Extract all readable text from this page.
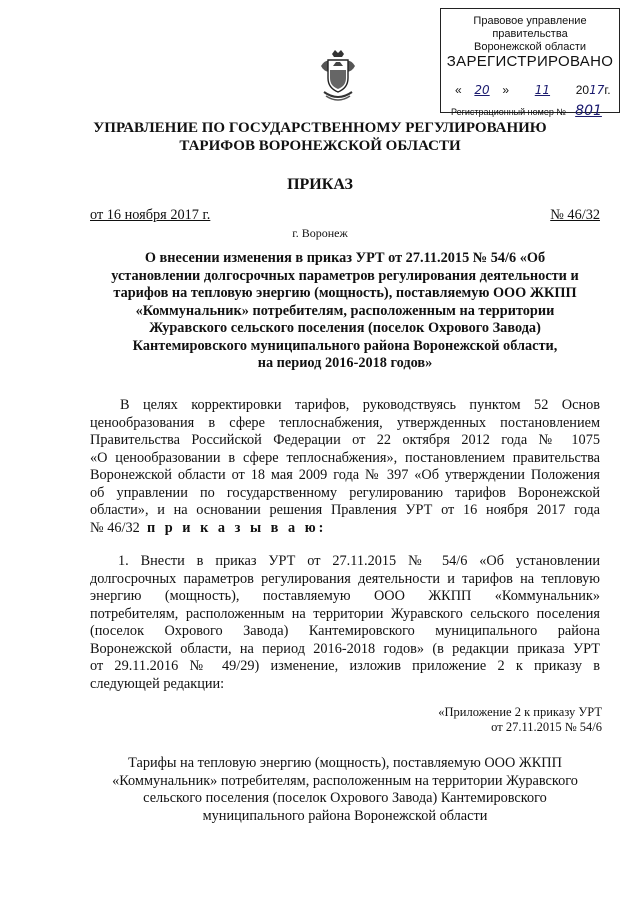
Правовое управление правительства
Воронежской области
ЗАРЕГИСТРИРОВАНО
« 20 » 11 2017г.
Регистрационный номер № 801
УПРАВЛЕНИЕ ПО ГОСУДАРСТВЕННОМУ РЕГУЛИРОВАНИЮ
ТАРИФОВ ВОРОНЕЖСКОЙ ОБЛАСТИ
ПРИКАЗ
от 16 ноября 2017 г.	№ 46/32
г. Воронеж
О внесении изменения в приказ УРТ от 27.11.2015 № 54/6 «Об
установлении долгосрочных параметров регулирования деятельности и
тарифов на тепловую энергию (мощность), поставляемую ООО ЖКПП
«Коммунальник» потребителям, расположенным на территории
Журавского сельского поселения (поселок Охрового Завода)
Кантемировского муниципального района Воронежской области,
на период 2016-2018 годов»
В целях корректировки тарифов, руководствуясь пунктом 52 Основ
ценообразования в сфере теплоснабжения, утвержденных постановлением
Правительства Российской Федерации от 22 октября 2012 года № 1075
«О ценообразовании в сфере теплоснабжения», постановлением правительства
Воронежской области от 18 мая 2009 года № 397 «Об утверждении Положения
об управлении по государственному регулированию тарифов Воронежской
области», и на основании решения Правления УРТ от 16 ноября 2017 года
№ 46/32 п р и к а з ы в а ю:
1. Внести в приказ УРТ от 27.11.2015 № 54/6 «Об установлении
долгосрочных параметров регулирования деятельности и тарифов на тепловую
энергию (мощность), поставляемую ООО ЖКПП «Коммунальник»
потребителям, расположенным на территории Журавского сельского поселения
(поселок Охрового Завода) Кантемировского муниципального района
Воронежской области, на период 2016-2018 годов» (в редакции приказа УРТ
от 29.11.2016 № 49/29) изменение, изложив приложение 2 к приказу в
следующей редакции:
«Приложение 2 к приказу УРТ
от 27.11.2015 № 54/6
Тарифы на тепловую энергию (мощность), поставляемую ООО ЖКПП
«Коммунальник» потребителям, расположенным на территории Журавского
сельского поселения (поселок Охрового Завода) Кантемировского
муниципального района Воронежской области
